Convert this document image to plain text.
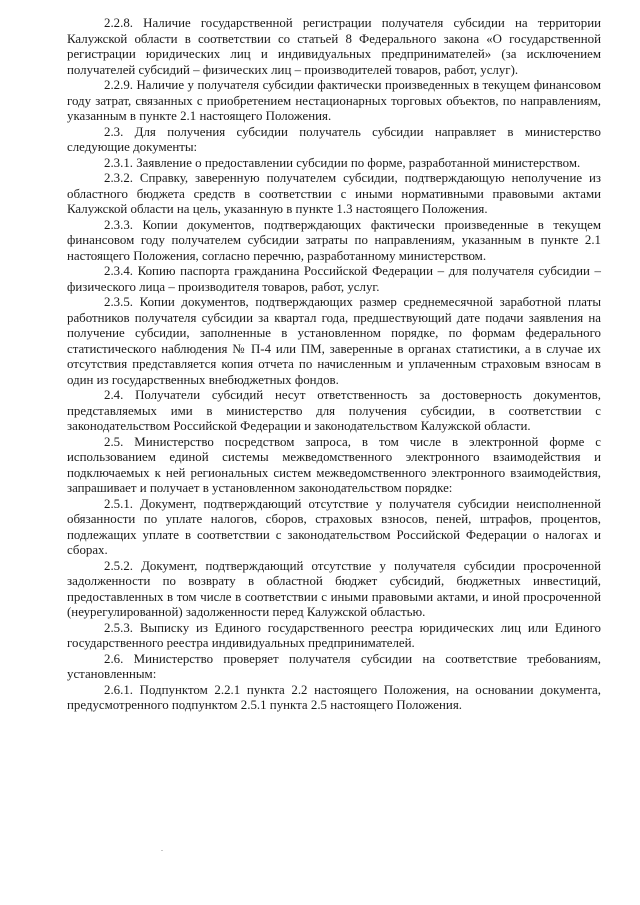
2.2.8. Наличие государственной регистрации получателя субсидии на территории Калужской области в соответствии со статьей 8 Федерального закона «О государственной регистрации юридических лиц и индивидуальных предпринимателей» (за исключением получателей субсидий – физических лиц – производителей товаров, работ, услуг).

2.2.9. Наличие у получателя субсидии фактически произведенных в текущем финансовом году затрат, связанных с приобретением нестационарных торговых объектов, по направлениям, указанным в пункте 2.1 настоящего Положения.

2.3. Для получения субсидии получатель субсидии направляет в министерство следующие документы:

2.3.1. Заявление о предоставлении субсидии по форме, разработанной министерством.

2.3.2. Справку, заверенную получателем субсидии, подтверждающую неполучение из областного бюджета средств в соответствии с иными нормативными правовыми актами Калужской области на цель, указанную в пункте 1.3 настоящего Положения.

2.3.3. Копии документов, подтверждающих фактически произведенные в текущем финансовом году получателем субсидии затраты по направлениям, указанным в пункте 2.1 настоящего Положения, согласно перечню, разработанному министерством.

2.3.4. Копию паспорта гражданина Российской Федерации – для получателя субсидии – физического лица – производителя товаров, работ, услуг.

2.3.5. Копии документов, подтверждающих размер среднемесячной заработной платы работников получателя субсидии за квартал года, предшествующий дате подачи заявления на получение субсидии, заполненные в установленном порядке, по формам федерального статистического наблюдения № П-4 или ПМ, заверенные в органах статистики, а в случае их отсутствия представляется копия отчета по начисленным и уплаченным страховым взносам в один из государственных внебюджетных фондов.

2.4. Получатели субсидий несут ответственность за достоверность документов, представляемых ими в министерство для получения субсидии, в соответствии с законодательством Российской Федерации и законодательством Калужской области.

2.5. Министерство посредством запроса, в том числе в электронной форме с использованием единой системы межведомственного электронного взаимодействия и подключаемых к ней региональных систем межведомственного электронного взаимодействия, запрашивает и получает в установленном законодательством порядке:

2.5.1. Документ, подтверждающий отсутствие у получателя субсидии неисполненной обязанности по уплате налогов, сборов, страховых взносов, пеней, штрафов, процентов, подлежащих уплате в соответствии с законодательством Российской Федерации о налогах и сборах.

2.5.2. Документ, подтверждающий отсутствие у получателя субсидии просроченной задолженности по возврату в областной бюджет субсидий, бюджетных инвестиций, предоставленных в том числе в соответствии с иными правовыми актами, и иной просроченной (неурегулированной) задолженности перед Калужской областью.

2.5.3. Выписку из Единого государственного реестра юридических лиц или Единого государственного реестра индивидуальных предпринимателей.

2.6. Министерство проверяет получателя субсидии на соответствие требованиям, установленным:

2.6.1. Подпунктом 2.2.1 пункта 2.2 настоящего Положения, на основании документа, предусмотренного подпунктом 2.5.1 пункта 2.5 настоящего Положения.
